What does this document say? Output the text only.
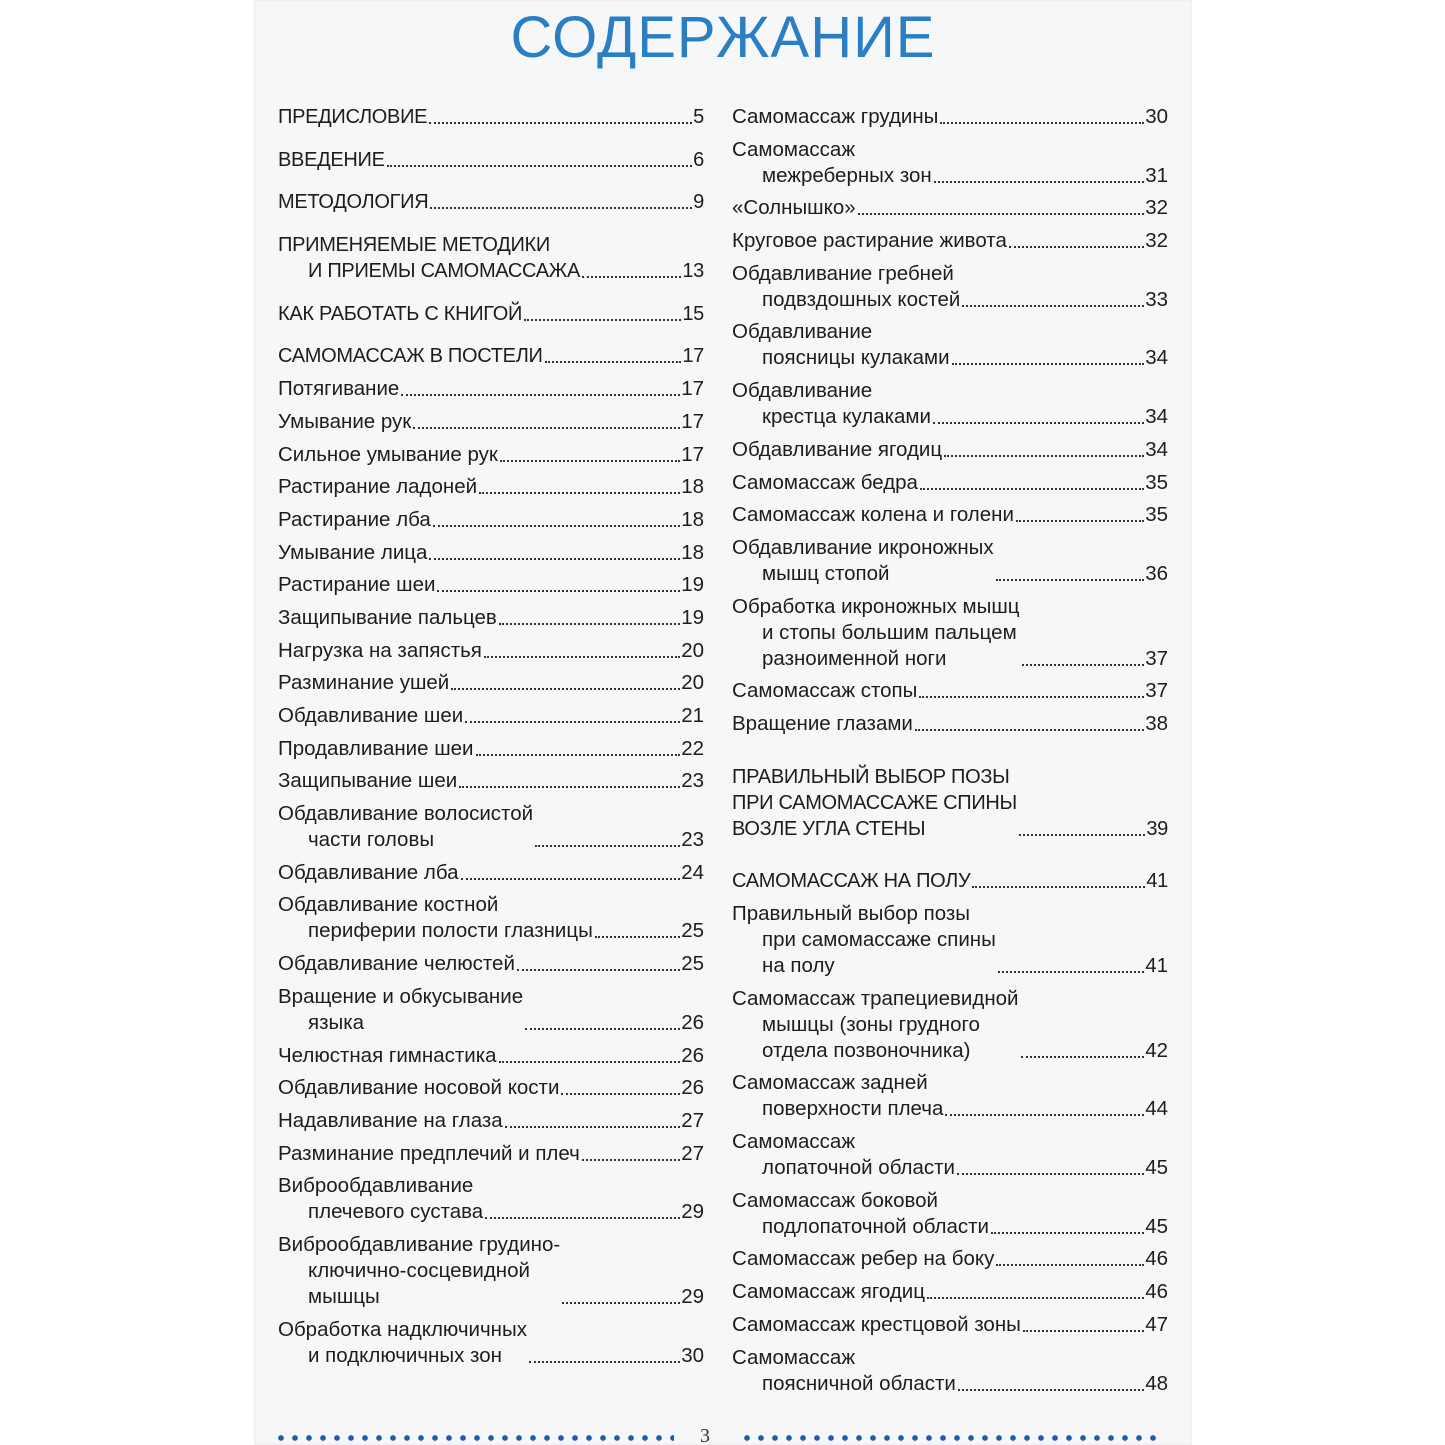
СОДЕРЖАНИЕ
ПРЕДИСЛОВИЕ	5
ВВЕДЕНИЕ	6
МЕТОДОЛОГИЯ	9
ПРИМЕНЯЕМЫЕ МЕТОДИКИ
И ПРИЕМЫ САМОМАССАЖА	13
КАК РАБОТАТЬ С КНИГОЙ	15
САМОМАССАЖ В ПОСТЕЛИ	17
Потягивание	17
Умывание рук	17
Сильное умывание рук	17
Растирание ладоней	18
Растирание лба	18
Умывание лица	18
Растирание шеи	19
Защипывание пальцев	19
Нагрузка на запястья	20
Разминание ушей	20
Обдавливание шеи	21
Продавливание шеи	22
Защипывание шеи	23
Обдавливание волосистой
части головы	23
Обдавливание лба	24
Обдавливание костной
периферии полости глазницы	25
Обдавливание челюстей	25
Вращение и обкусывание
языка	26
Челюстная гимнастика	26
Обдавливание носовой кости	26
Надавливание на глаза	27
Разминание предплечий и плеч	27
Виброобдавливание
плечевого сустава	29
Виброобдавливание грудино-
ключично-сосцевидной
мышцы	29
Обработка надключичных
и подключичных зон	30
Самомассаж грудины	30
Самомассаж
межреберных зон	31
«Солнышко»	32
Круговое растирание живота	32
Обдавливание гребней
подвздошных костей	33
Обдавливание
поясницы кулаками	34
Обдавливание
крестца кулаками	34
Обдавливание ягодиц	34
Самомассаж бедра	35
Самомассаж колена и голени	35
Обдавливание икроножных
мышц стопой	36
Обработка икроножных мышц
и стопы большим пальцем
разноименной ноги	37
Самомассаж стопы	37
Вращение глазами	38
ПРАВИЛЬНЫЙ ВЫБОР ПОЗЫ
ПРИ САМОМАССАЖЕ СПИНЫ
ВОЗЛЕ УГЛА СТЕНЫ	39
САМОМАССАЖ НА ПОЛУ	41
Правильный выбор позы
при самомассаже спины
на полу	41
Самомассаж трапециевидной
мышцы (зоны грудного
отдела позвоночника)	42
Самомассаж задней
поверхности плеча	44
Самомассаж
лопаточной области	45
Самомассаж боковой
подлопаточной области	45
Самомассаж ребер на боку	46
Самомассаж ягодиц	46
Самомассаж крестцовой зоны	47
Самомассаж
поясничной области	48
3
